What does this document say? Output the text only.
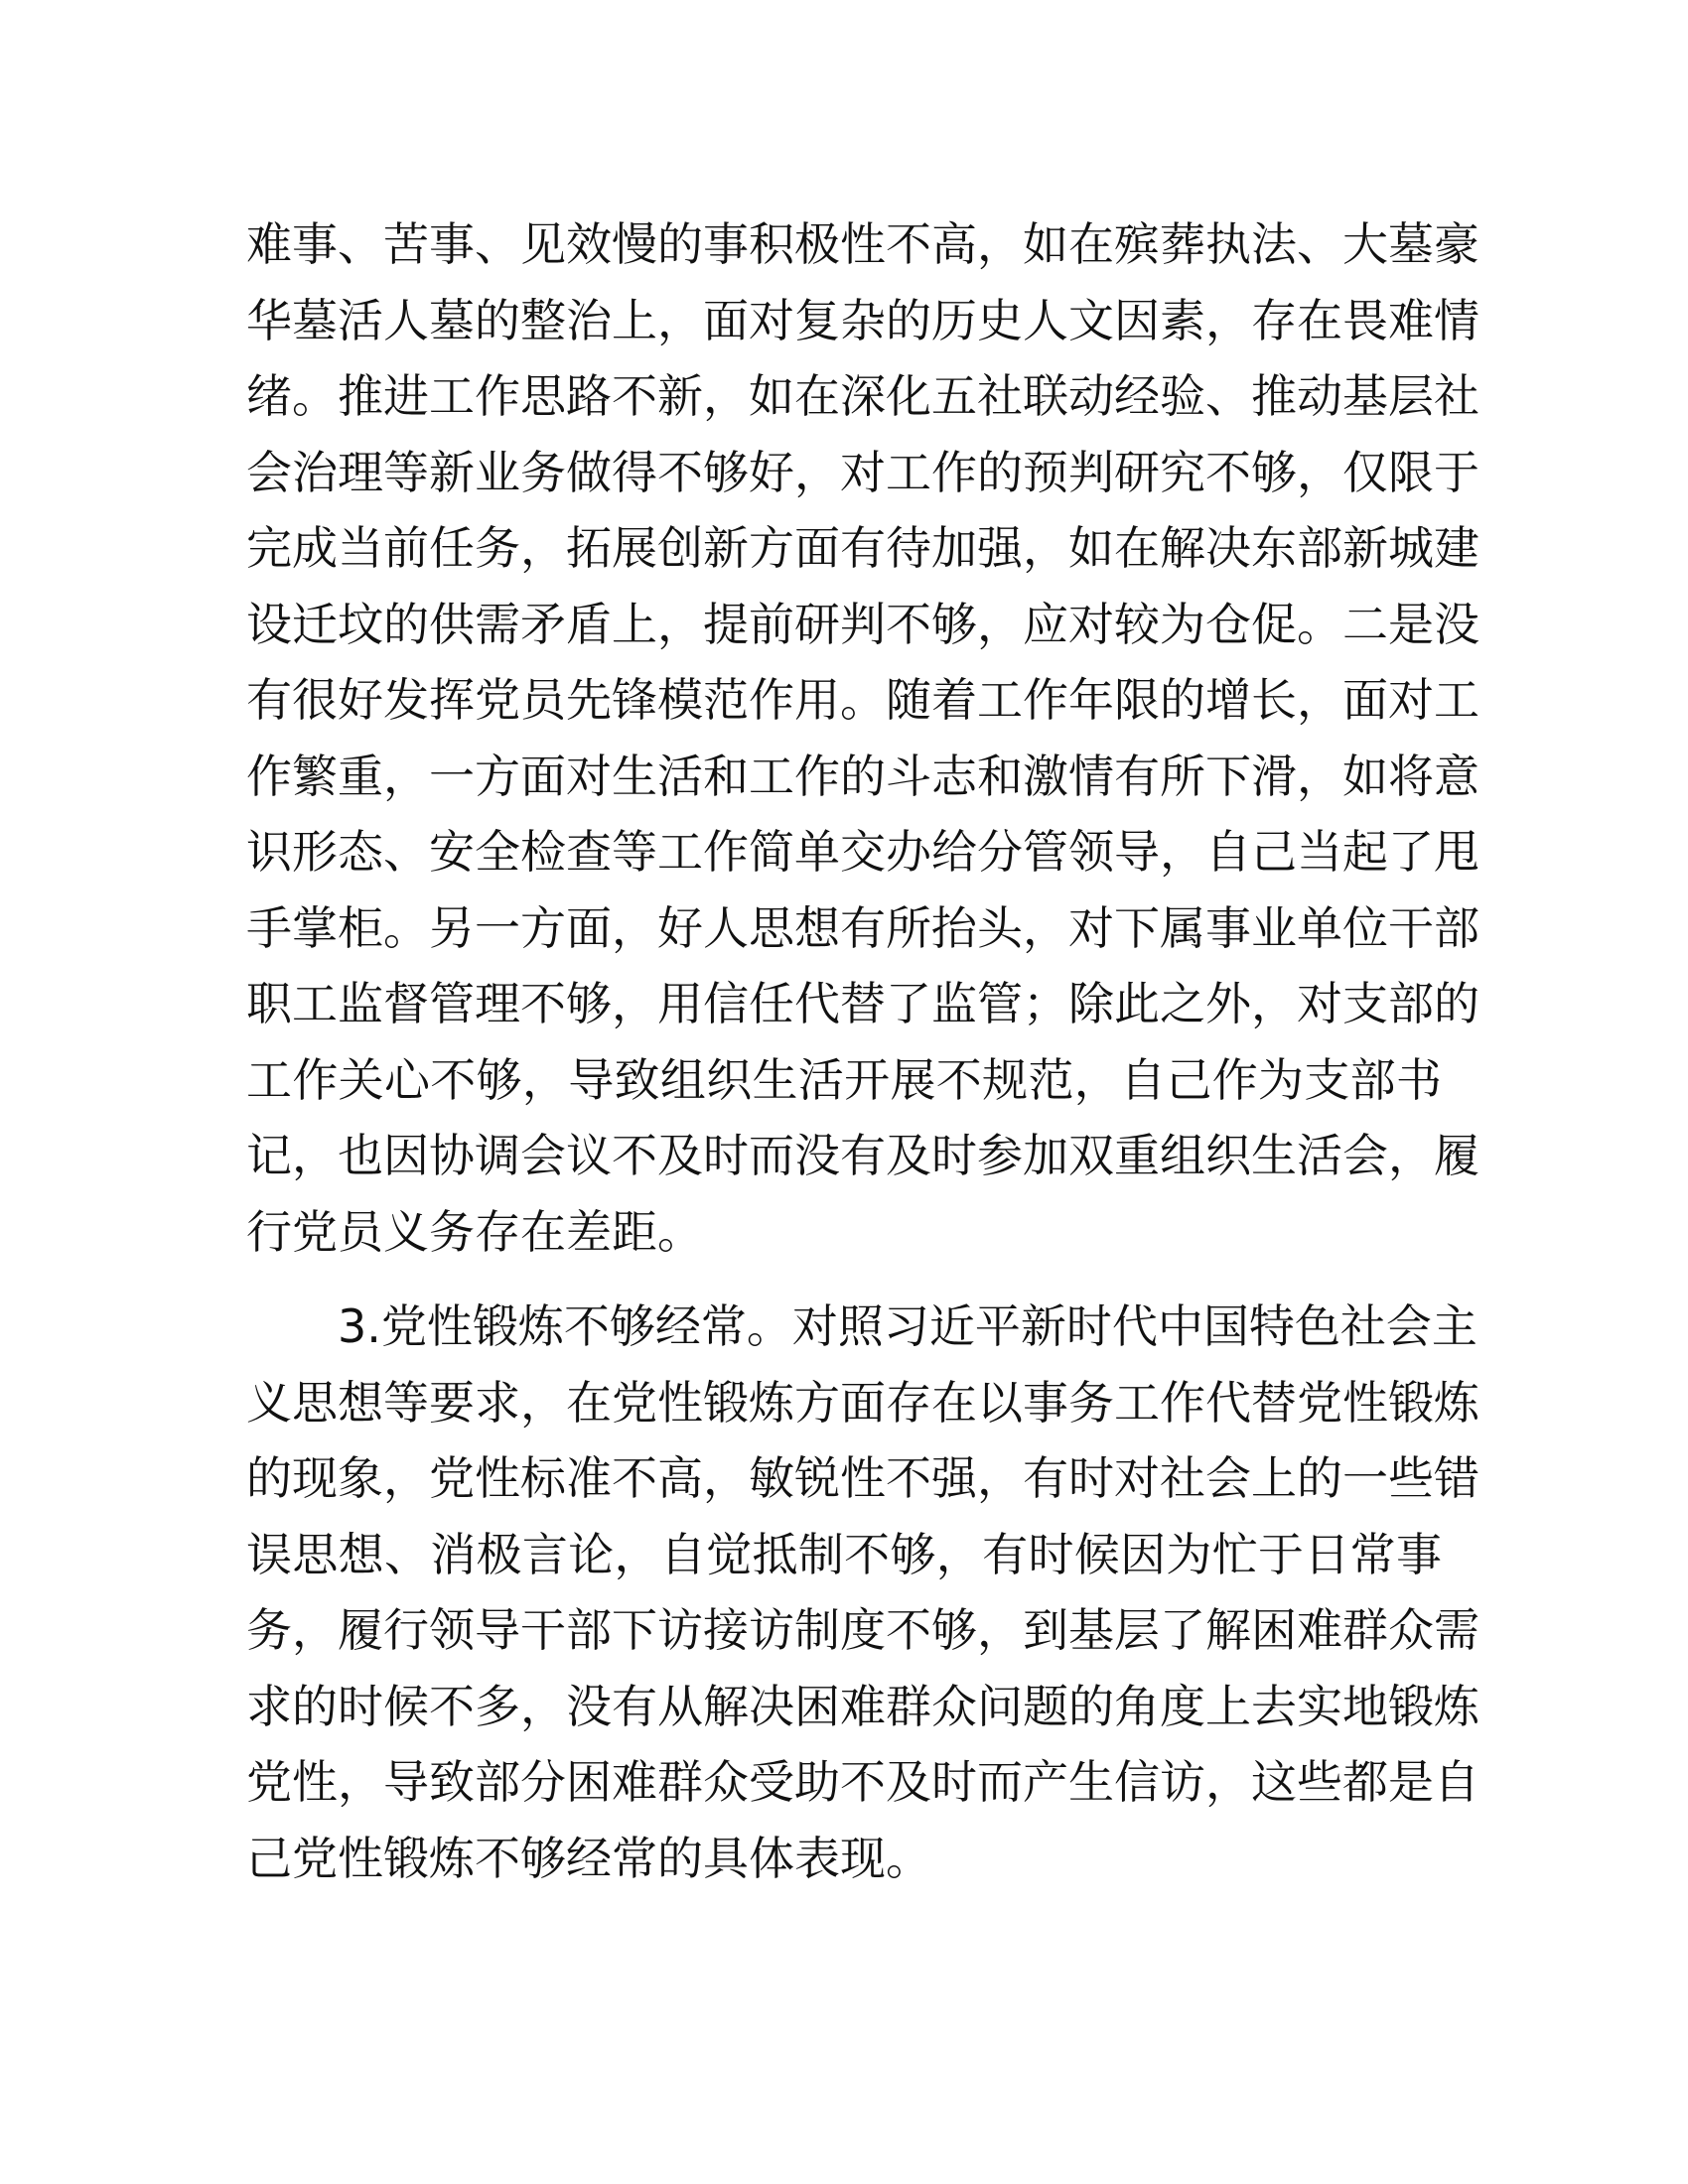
难事、苦事、见效慢的事积极性不高，如在殡葬执法、大墓豪
华墓活人墓的整治上，面对复杂的历史人文因素，存在畏难情
绪。推进工作思路不新，如在深化五社联动经验、推动基层社
会治理等新业务做得不够好，对工作的预判研究不够，仅限于
完成当前任务，拓展创新方面有待加强，如在解决东部新城建
设迁坟的供需矛盾上，提前研判不够，应对较为仓促。二是没
有很好发挥党员先锋模范作用。随着工作年限的增长，面对工
作繁重，一方面对生活和工作的斗志和激情有所下滑，如将意
识形态、安全检查等工作简单交办给分管领导，自己当起了甩
手掌柜。另一方面，好人思想有所抬头，对下属事业单位干部
职工监督管理不够，用信任代替了监管；除此之外，对支部的
工作关心不够，导致组织生活开展不规范，自己作为支部书
记，也因协调会议不及时而没有及时参加双重组织生活会，履
行党员义务存在差距。

　　3.党性锻炼不够经常。对照习近平新时代中国特色社会主
义思想等要求，在党性锻炼方面存在以事务工作代替党性锻炼
的现象，党性标准不高，敏锐性不强，有时对社会上的一些错
误思想、消极言论，自觉抵制不够，有时候因为忙于日常事
务，履行领导干部下访接访制度不够，到基层了解困难群众需
求的时候不多，没有从解决困难群众问题的角度上去实地锻炼
党性，导致部分困难群众受助不及时而产生信访，这些都是自
己党性锻炼不够经常的具体表现。
